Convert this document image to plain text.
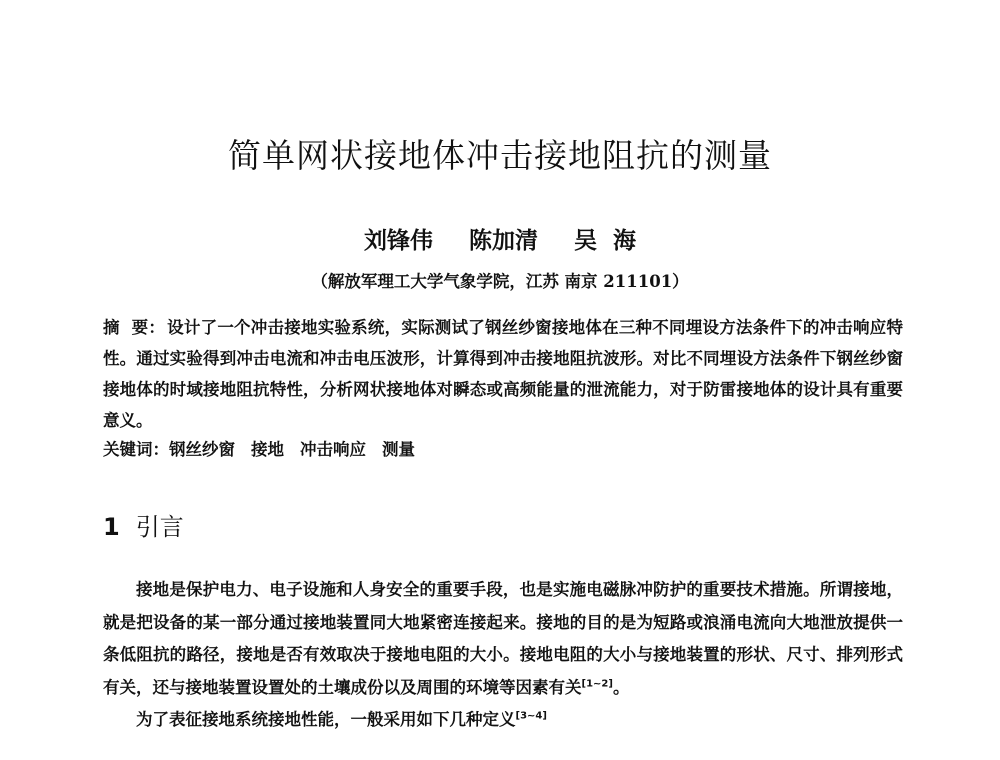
简单网状接地体冲击接地阻抗的测量
刘锋伟 陈加清 吴  海
（解放军理工大学气象学院，江苏 南京 211101）

摘  要： 设计了一个冲击接地实验系统，实际测试了钢丝纱窗接地体在三种不同埋设方法条件下的冲击响应特性。通过实验得到冲击电流和冲击电压波形，计算得到冲击接地阻抗波形。对比不同埋设方法条件下钢丝纱窗接地体的时域接地阻抗特性，分析网状接地体对瞬态或高频能量的泄流能力，对于防雷接地体的设计具有重要意义。

关键词：钢丝纱窗 接地 冲击响应 测量
1 引言

接地是保护电力、电子设施和人身安全的重要手段，也是实施电磁脉冲防护的重要技术措施。所谓接地，就是把设备的某一部分通过接地装置同大地紧密连接起来。接地的目的是为短路或浪涌电流向大地泄放提供一条低阻抗的路径，接地是否有效取决于接地电阻的大小。接地电阻的大小与接地装置的形状、尺寸、排列形式有关，还与接地装置设置处的土壤成份以及周围的环境等因素有关[1~2]。

为了表征接地系统接地性能，一般采用如下几种定义[3~4]
